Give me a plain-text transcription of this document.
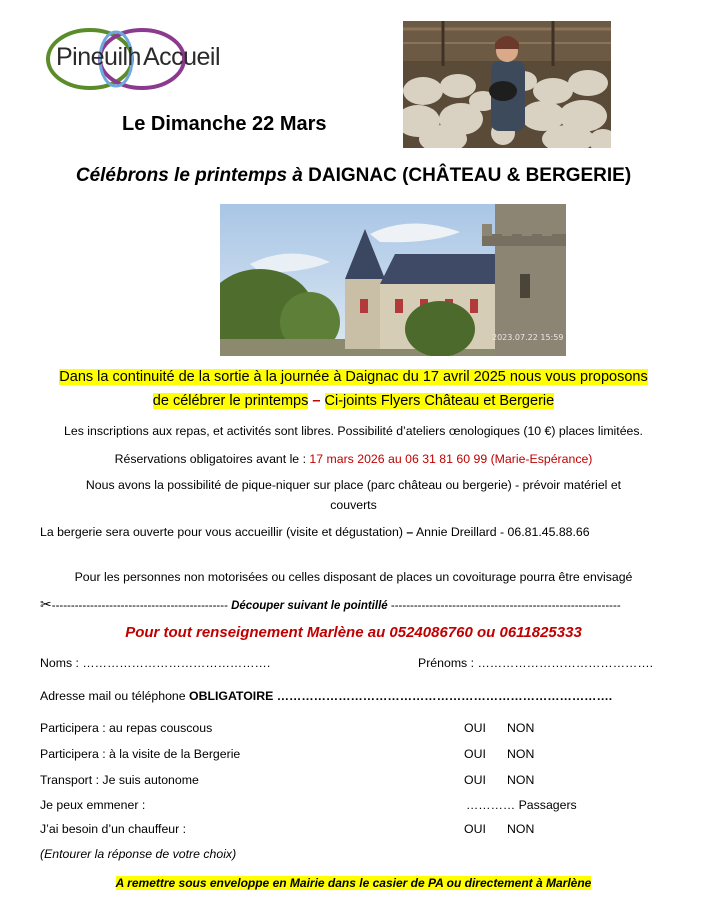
PineuilhAccueil
Le Dimanche 22 Mars
Célébrons le printemps à DAIGNAC (CHÂTEAU & BERGERIE)
2023.07.22 15:59
Dans la continuité de la sortie à la journée à Daignac du 17 avril 2025 nous vous proposons
de célébrer le printemps – Ci-joints Flyers Château et Bergerie
Les inscriptions aux repas, et activités sont libres. Possibilité d’ateliers œnologiques (10 €) places limitées.
Réservations obligatoires avant le : 17 mars 2026 au 06 31 81 60 99 (Marie-Espérance)
Nous avons la possibilité de pique-niquer sur place (parc château ou bergerie) - prévoir matériel et
couverts
La bergerie sera ouverte pour vous accueillir (visite et dégustation) – Annie Dreillard - 06.81.45.88.66
Pour les personnes non motorisées ou celles disposant de places un covoiturage pourra être envisagé
✂---------------------------------------------- Découper suivant le pointillé ------------------------------------------------------------
Pour tout renseignement Marlène au 0524086760 ou 0611825333
Noms : ……………………………………….	Prénoms : …………………………………….
Adresse mail ou téléphone OBLIGATOIRE ……………………………………………………………………….
Participera : au repas couscous	OUI NON
Participera : à la visite de la Bergerie	OUI NON
Transport : Je suis autonome	OUI NON
Je peux emmener :	………… Passagers
J’ai besoin d’un chauffeur :	OUI NON
(Entourer la réponse de votre choix)
A remettre sous enveloppe en Mairie dans le casier de PA ou directement à Marlène
